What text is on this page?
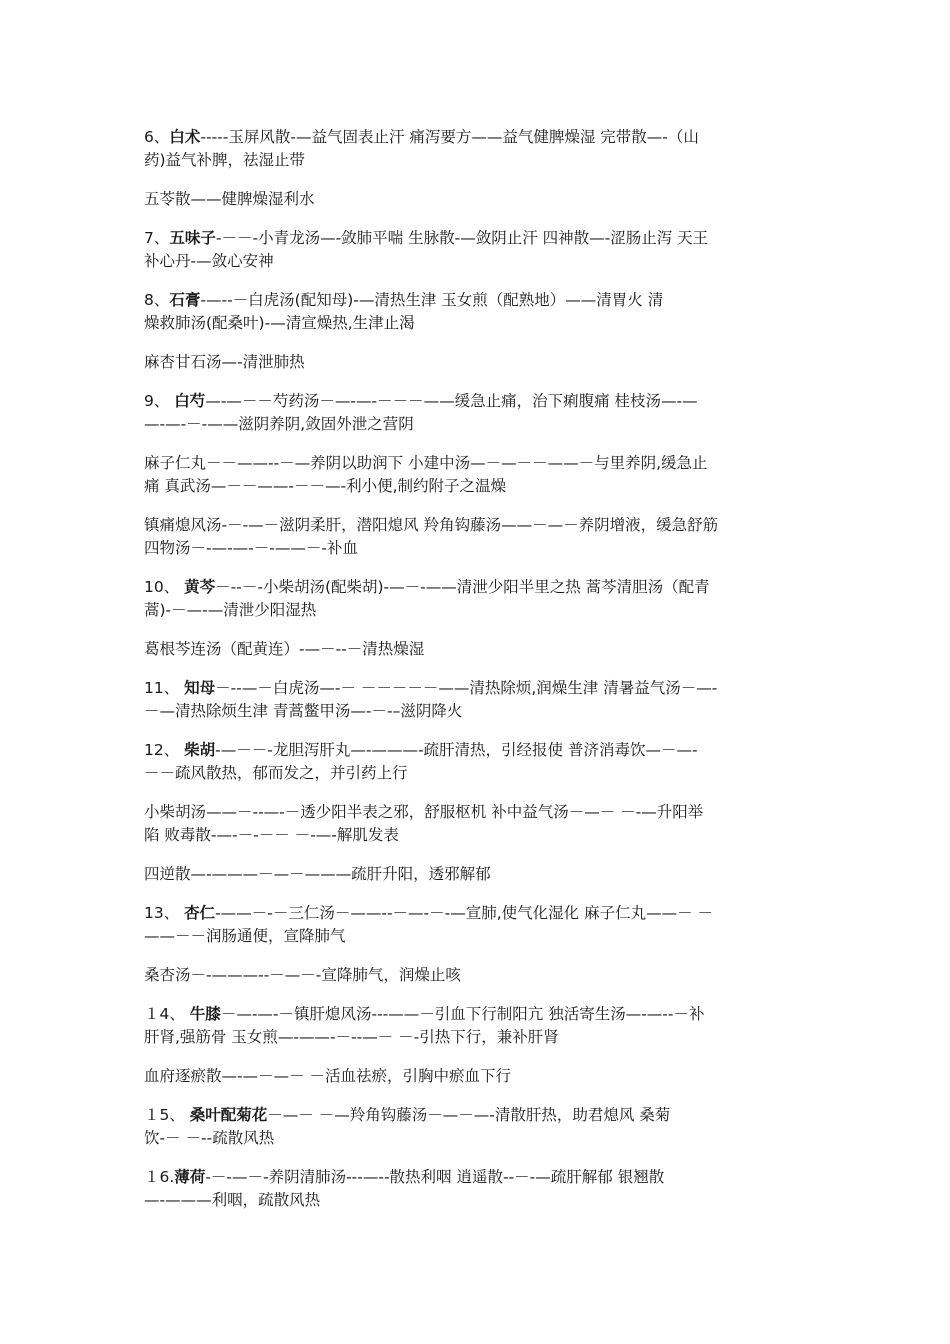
6、白术-----玉屏风散-—益气固表止汗 痛泻要方——益气健脾燥湿 完带散—-（山
药)益气补脾，祛湿止带
五苓散——健脾燥湿利水
7、五味子-－－-小青龙汤—-敛肺平喘 生脉散-—敛阴止汗 四神散—-涩肠止泻 天王
补心丹-—敛心安神
8、石膏-—--－白虎汤(配知母)-—清热生津 玉女煎（配熟地）——清胃火 清
燥救肺汤(配桑叶)-—清宣燥热,生津止渴
麻杏甘石汤—-清泄肺热
9、 白芍—-—－－芍药汤－—-—-－－－——缓急止痛，治下痢腹痛 桂枝汤—-—
—-—-－-——滋阴养阴,敛固外泄之营阴
麻子仁丸－－——--－—养阴以助润下 小建中汤—－—－－——－与里养阴,缓急止
痛 真武汤—－－——-－－—-利小便,制约附子之温燥
镇痛熄风汤-－-—－滋阴柔肝，潜阳熄风 羚角钩藤汤——－—－养阴增液，缓急舒筋
四物汤－-—-—-－-——－-补血
10、 黄芩－--－-小柴胡汤(配柴胡)-—－-——清泄少阳半里之热 蒿芩清胆汤（配青
蒿)-－—-—清泄少阳湿热
葛根芩连汤（配黄连）-—－--－清热燥湿
11、 知母－--—－白虎汤—-－ －－－－－——清热除烦,润燥生津 清暑益气汤－—-
－—清热除烦生津 青蒿鳖甲汤—-－-–滋阴降火
12、 柴胡-—－－-龙胆泻肝丸—-———-疏肝清热，引经报使 普济消毒饮—－—-
－－疏风散热，郁而发之，并引药上行
小柴胡汤——－--—-－透少阳半表之邪，舒服枢机 补中益气汤－—－ －-—升阳举
陷 败毒散-—-－-－－ －-—-解肌发表
四逆散—-———－—－———疏肝升阳，透邪解郁
13、 杏仁-——－-－三仁汤－——--－—-－-—宣肺,使气化湿化 麻子仁丸——－ －
——－－润肠通便，宣降肺气
桑杏汤－-———--－—－-宣降肺气，润燥止咳
１4、 牛膝－—-—-－镇肝熄风汤---——－引血下行制阳亢 独活寄生汤—-—--－补
肝肾,强筋骨 玉女煎—-——-－--—－ －-引热下行，兼补肝肾
血府逐瘀散—-—－—－ －活血祛瘀，引胸中瘀血下行
１5、 桑叶配菊花－—－ －—羚角钩藤汤－—－—-清散肝热，助君熄风 桑菊
饮-－ －--疏散风热
１6.薄荷-－-—－-养阴清肺汤---—--散热利咽 逍遥散--－-—疏肝解郁 银翘散
—-———利咽，疏散风热
